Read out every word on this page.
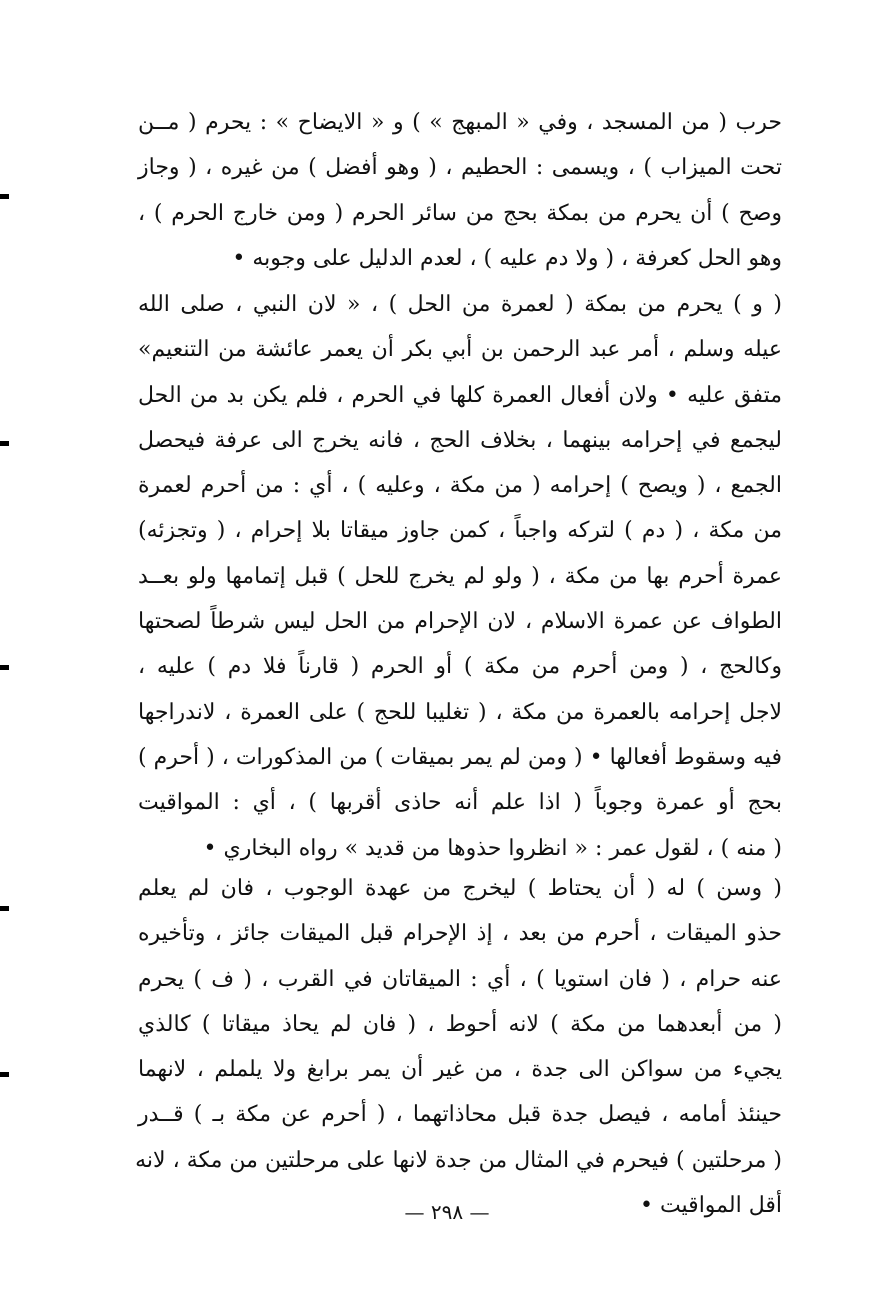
حرب ( من المسجد ، وفي « المبهج » ) و « الايضاح » : يحرم ( مــن
تحت الميزاب ) ، ويسمى : الحطيم ، ( وهو أفضل ) من غيره ، ( وجاز
وصح ) أن يحرم من بمكة بحج من سائر الحرم ( ومن خارج الحرم ) ،
وهو الحل كعرفة ، ( ولا دم عليه ) ، لعدم الدليل على وجوبه •
( و ) يحرم من بمكة ( لعمرة من الحل ) ، « لان النبي ، صلى الله
عيله وسلم ، أمر عبد الرحمن بن أبي بكر أن يعمر عائشة من التنعيم»
متفق عليه • ولان أفعال العمرة كلها في الحرم ، فلم يكن بد من الحل
ليجمع في إحرامه بينهما ، بخلاف الحج ، فانه يخرج الى عرفة فيحصل
الجمع ، ( ويصح ) إحرامه ( من مكة ، وعليه ) ، أي : من أحرم لعمرة
من مكة ، ( دم ) لتركه واجباً ، كمن جاوز ميقاتا بلا إحرام ، ( وتجزئه)
عمرة أحرم بها من مكة ، ( ولو لم يخرج للحل ) قبل إتمامها ولو بعــد
الطواف عن عمرة الاسلام ، لان الإحرام من الحل ليس شرطاً لصحتها
وكالحج ، ( ومن أحرم من مكة ) أو الحرم ( قارناً فلا دم ) عليه ،
لاجل إحرامه بالعمرة من مكة ، ( تغليبا للحج ) على العمرة ، لاندراجها
فيه وسقوط أفعالها • ( ومن لم يمر بميقات ) من المذكورات ، ( أحرم )
بحج أو عمرة وجوباً ( اذا علم أنه حاذى أقربها ) ، أي : المواقيت
( منه ) ، لقول عمر : « انظروا حذوها من قديد » رواه البخاري •
( وسن ) له ( أن يحتاط ) ليخرج من عهدة الوجوب ، فان لم يعلم
حذو الميقات ، أحرم من بعد ، إذ الإحرام قبل الميقات جائز ، وتأخيره
عنه حرام ، ( فان استويا ) ، أي : الميقاتان في القرب ، ( ف ) يحرم
( من أبعدهما من مكة ) لانه أحوط ، ( فان لم يحاذ ميقاتا ) كالذي
يجيء من سواكن الى جدة ، من غير أن يمر برابغ ولا يلملم ، لانهما
حينئذ أمامه ، فيصل جدة قبل محاذاتهما ، ( أحرم عن مكة بـ ) قــدر
( مرحلتين ) فيحرم في المثال من جدة لانها على مرحلتين من مكة ، لانه
أقل المواقيت •
— ٢٩٨ —
